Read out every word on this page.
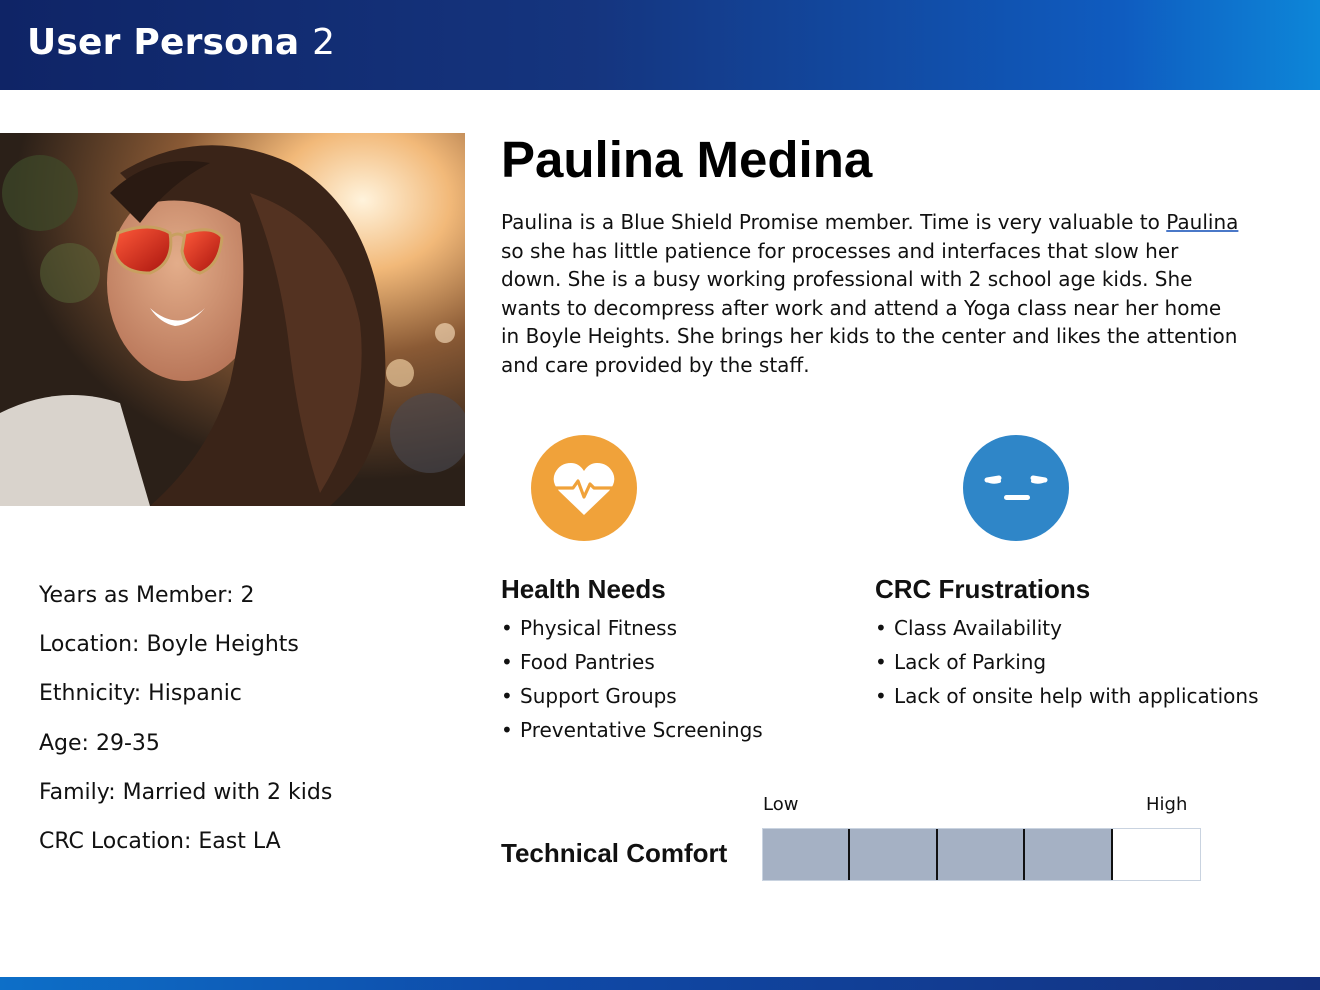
User Persona 2
Paulina Medina
Paulina is a Blue Shield Promise member. Time is very valuable to Paulina
so she has little patience for processes and interfaces that slow her
down. She is a busy working professional with 2 school age kids. She
wants to decompress after work and attend a Yoga class near her home
in Boyle Heights. She brings her kids to the center and likes the attention
and care provided by the staff.
Years as Member: 2
Location: Boyle Heights
Ethnicity: Hispanic
Age: 29-35
Family: Married with 2 kids
CRC Location: East LA
Health Needs
• Physical Fitness
• Food Pantries
• Support Groups
• Preventative Screenings
CRC Frustrations
• Class Availability
• Lack of Parking
• Lack of onsite help with applications
Low	High
Technical Comfort
